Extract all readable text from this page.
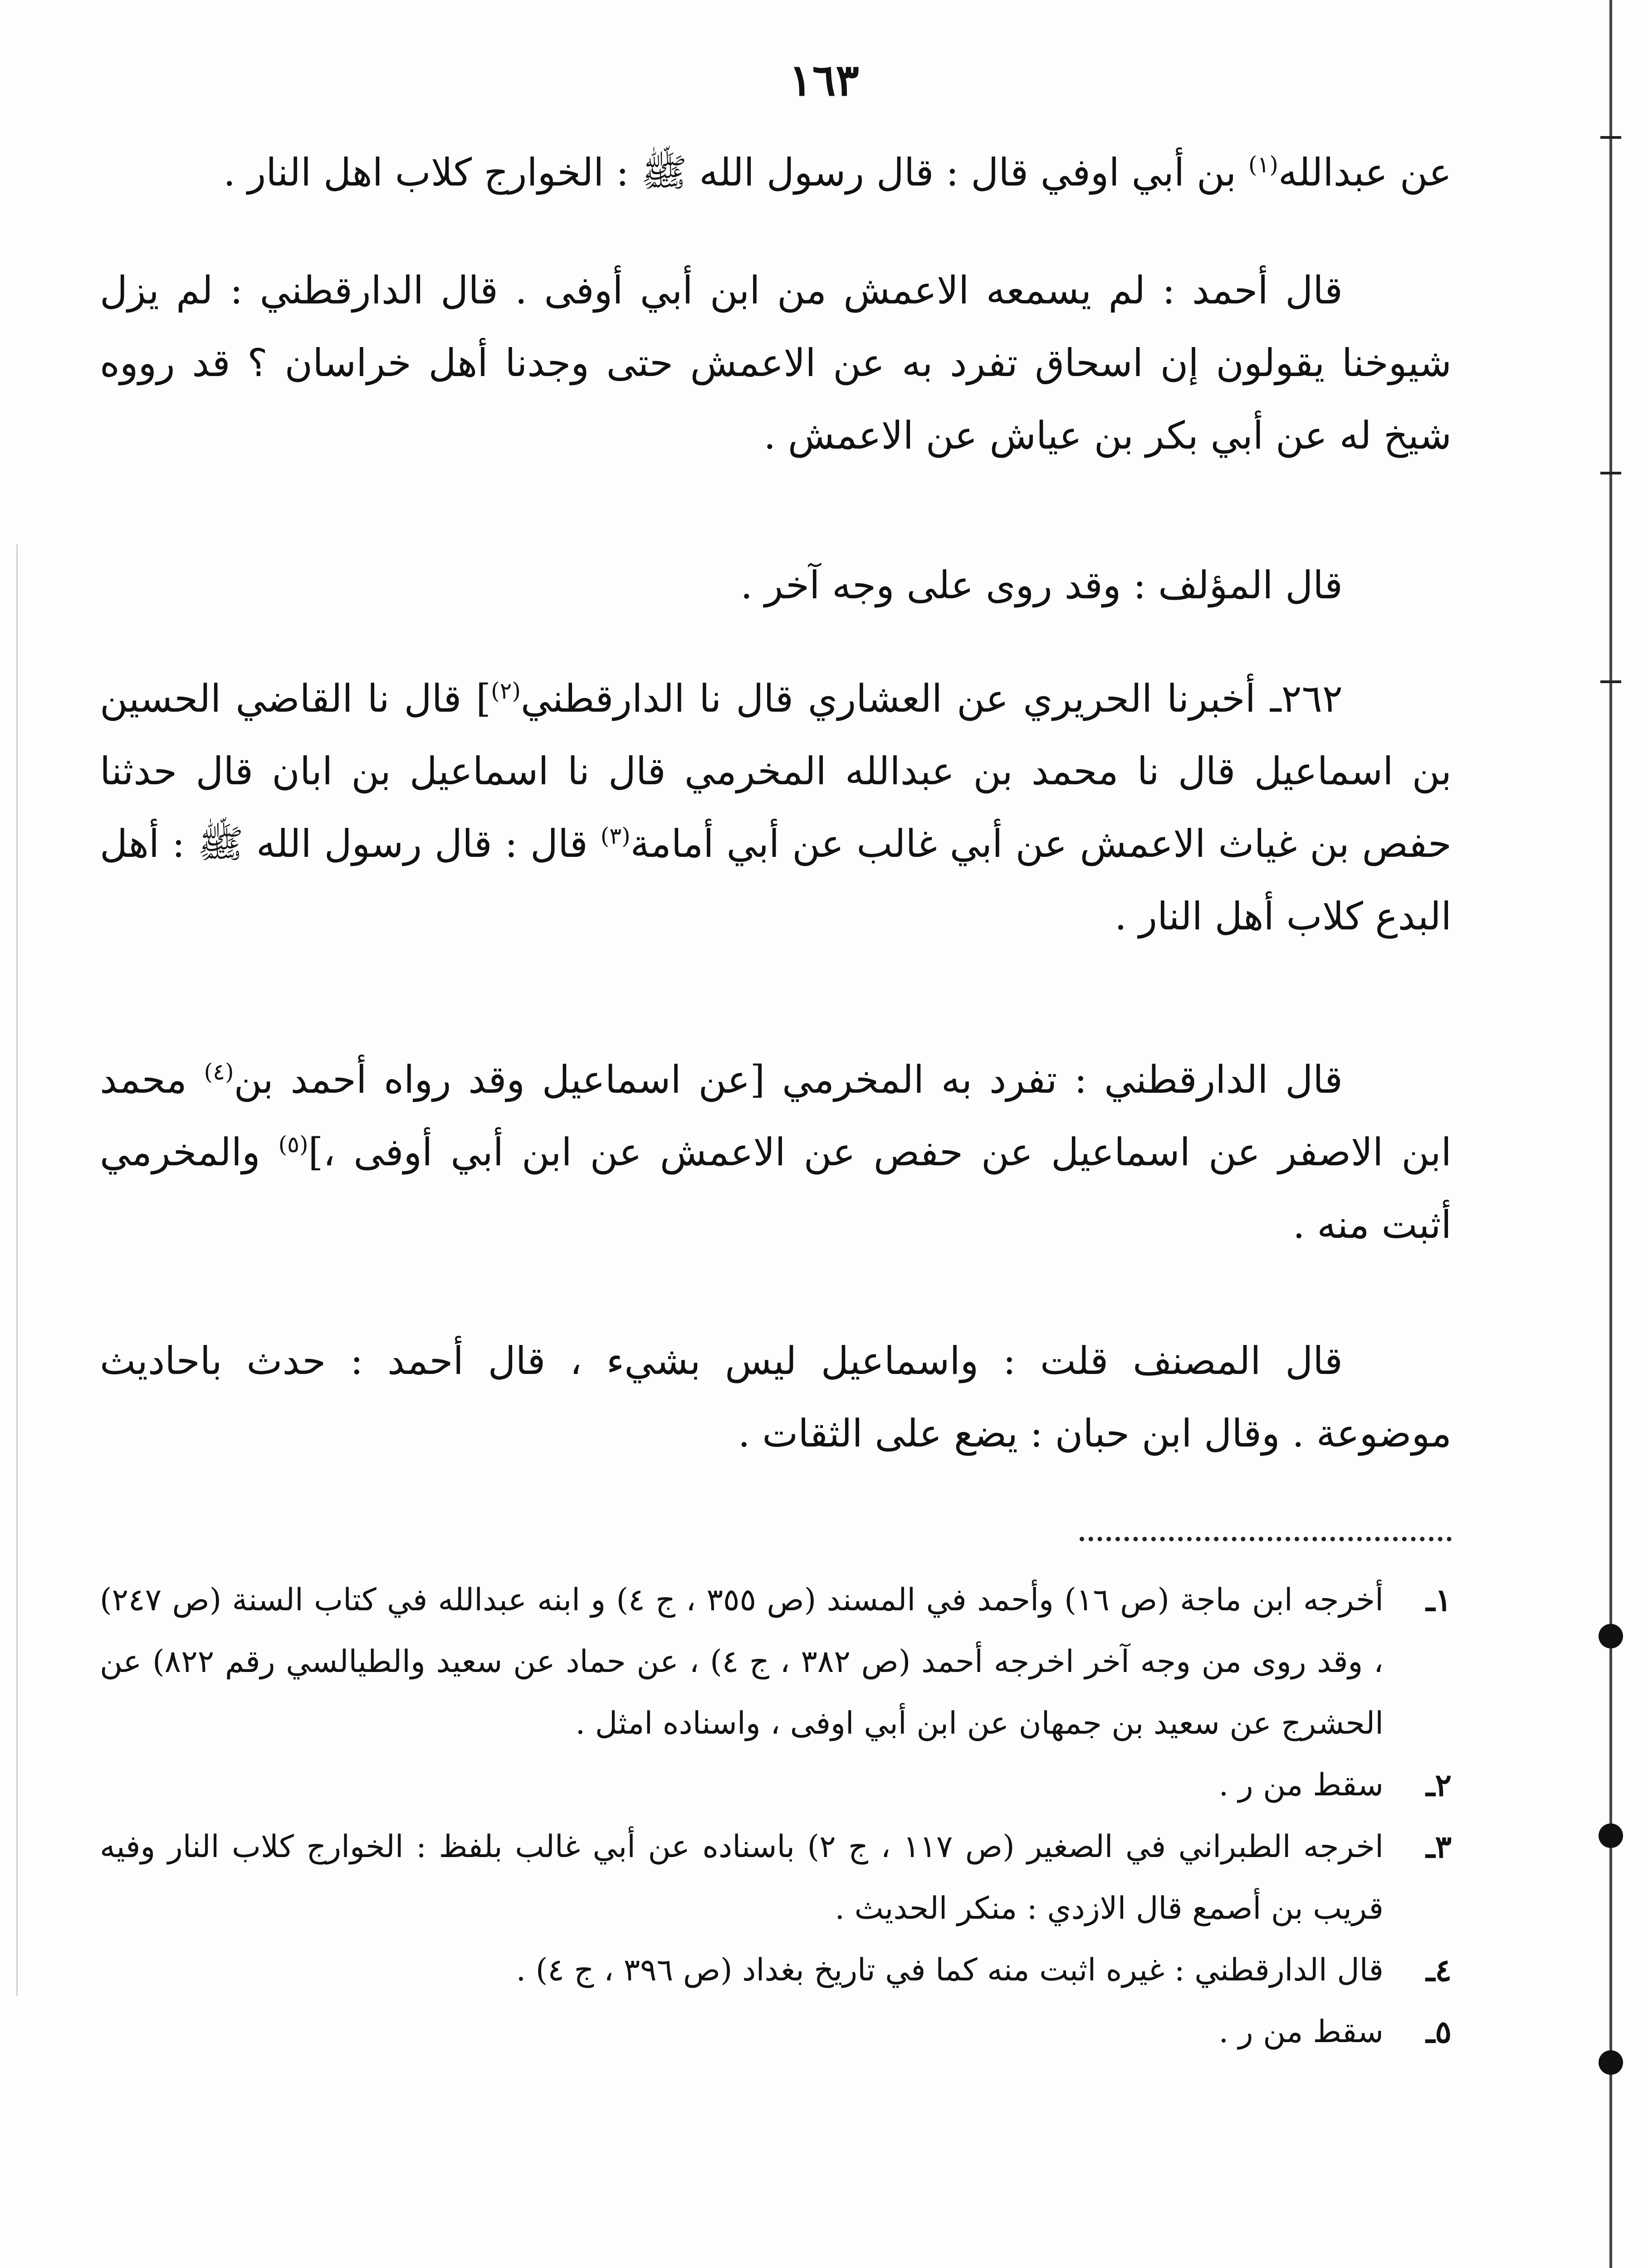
١٦٣

عن عبدالله$^{(١)}$ بن أبي اوفي قال : قال رسول الله ﷺ : الخوارج كلاب اهل النار .

قال أحمد : لم يسمعه الاعمش من ابن أبي أوفى . قال الدارقطني : لم يزل شيوخنا يقولون إن اسحاق تفرد به عن الاعمش حتى وجدنا أهل خراسان ؟ قد رووه شيخ له عن أبي بكر بن عياش عن الاعمش .

قال المؤلف : وقد روى على وجه آخر .

٢٦٢ـ أخبرنا الحريري عن العشاري قال نا الدارقطني$^{(٢)}$] قال نا القاضي الحسين بن اسماعيل قال نا محمد بن عبدالله المخرمي قال نا اسماعيل بن ابان قال حدثنا حفص بن غياث الاعمش عن أبي غالب عن أبي أمامة$^{(٣)}$ قال : قال رسول الله ﷺ : أهل البدع كلاب أهل النار .

قال الدارقطني : تفرد به المخرمي [عن اسماعيل وقد رواه أحمد بن$^{(٤)}$ محمد ابن الاصفر عن اسماعيل عن حفص عن الاعمش عن ابن أبي أوفى ،]$^{(٥)}$ والمخرمي أثبت منه .

قال المصنف قلت : واسماعيل ليس بشيء ، قال أحمد : حدث باحاديث موضوعة . وقال ابن حبان : يضع على الثقات .

١ـ
أخرجه ابن ماجة (ص ١٦) وأحمد في المسند (ص ٣٥٥ ، ج ٤) و ابنه عبدالله في كتاب السنة (ص ٢٤٧) ، وقد روى من وجه آخر اخرجه أحمد (ص ٣٨٢ ، ج ٤) ، عن حماد عن سعيد والطيالسي رقم ٨٢٢) عن الحشرج عن سعيد بن جمهان عن ابن أبي اوفى ، واسناده امثل .
٢ـ
سقط من ر .
٣ـ
اخرجه الطبراني في الصغير (ص ١١٧ ، ج ٢) باسناده عن أبي غالب بلفظ : الخوارج كلاب النار وفيه قريب بن أصمع قال الازدي : منكر الحديث .
٤ـ
قال الدارقطني : غيره اثبت منه كما في تاريخ بغداد (ص ٣٩٦ ، ج ٤) .
٥ـ
سقط من ر .
